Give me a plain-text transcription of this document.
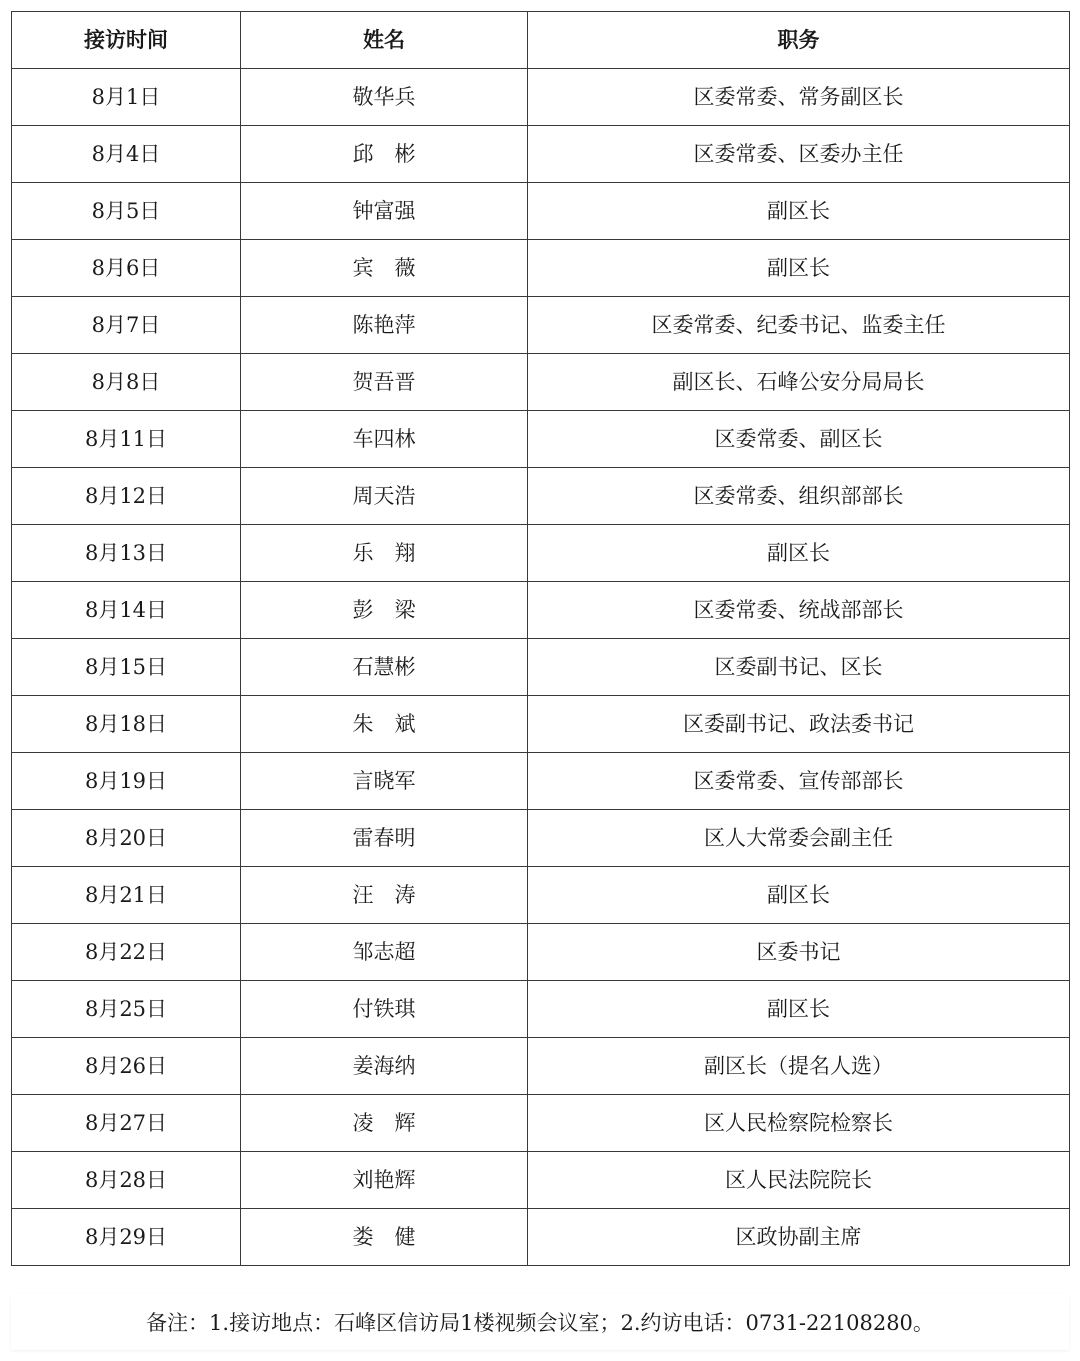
接访时间	姓名	职务
8月1日	敬华兵	区委常委、常务副区长
8月4日	邱　彬	区委常委、区委办主任
8月5日	钟富强	副区长
8月6日	宾　薇	副区长
8月7日	陈艳萍	区委常委、纪委书记、监委主任
8月8日	贺吾晋	副区长、石峰公安分局局长
8月11日	车四林	区委常委、副区长
8月12日	周天浩	区委常委、组织部部长
8月13日	乐　翔	副区长
8月14日	彭　梁	区委常委、统战部部长
8月15日	石慧彬	区委副书记、区长
8月18日	朱　斌	区委副书记、政法委书记
8月19日	言晓军	区委常委、宣传部部长
8月20日	雷春明	区人大常委会副主任
8月21日	汪　涛	副区长
8月22日	邹志超	区委书记
8月25日	付铁琪	副区长
8月26日	姜海纳	副区长（提名人选）
8月27日	凌　辉	区人民检察院检察长
8月28日	刘艳辉	区人民法院院长
8月29日	娄　健	区政协副主席
备注：1.接访地点：石峰区信访局1楼视频会议室；2.约访电话：0731-22108280。
